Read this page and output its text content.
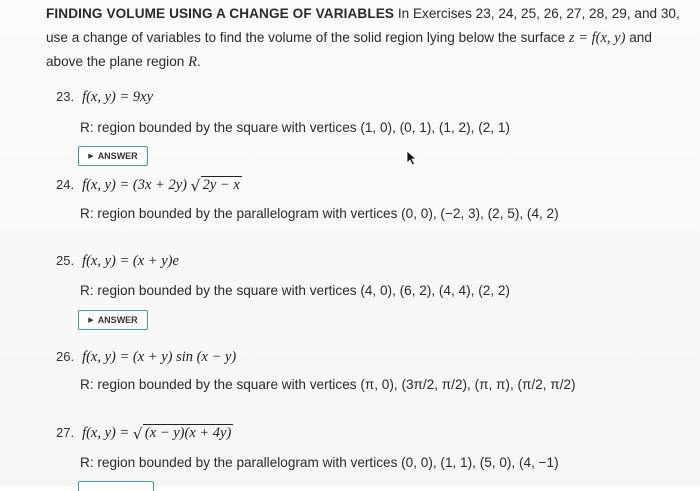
FINDING VOLUME USING A CHANGE OF VARIABLES In Exercises 23, 24, 25, 26, 27, 28, 29, and 30, use a change of variables to find the volume of the solid region lying below the surface z = f(x, y) and above the plane region R.
23. f(x, y) = 9xy
R: region bounded by the square with vertices (1, 0), (0, 1), (1, 2), (2, 1)
▶ ANSWER
24. f(x, y) = (3x + 2y) √ 2y − x
R: region bounded by the parallelogram with vertices (0, 0), (−2, 3), (2, 5), (4, 2)
25. f(x, y) = (x + y)e
R: region bounded by the square with vertices (4, 0), (6, 2), (4, 4), (2, 2)
▶ ANSWER
26. f(x, y) = (x + y) sin (x − y)
R: region bounded by the square with vertices (π, 0), (3π/2, π/2), (π, π), (π/2, π/2)
27. f(x, y) = √ (x − y)(x + 4y)
R: region bounded by the parallelogram with vertices (0, 0), (1, 1), (5, 0), (4, −1)
